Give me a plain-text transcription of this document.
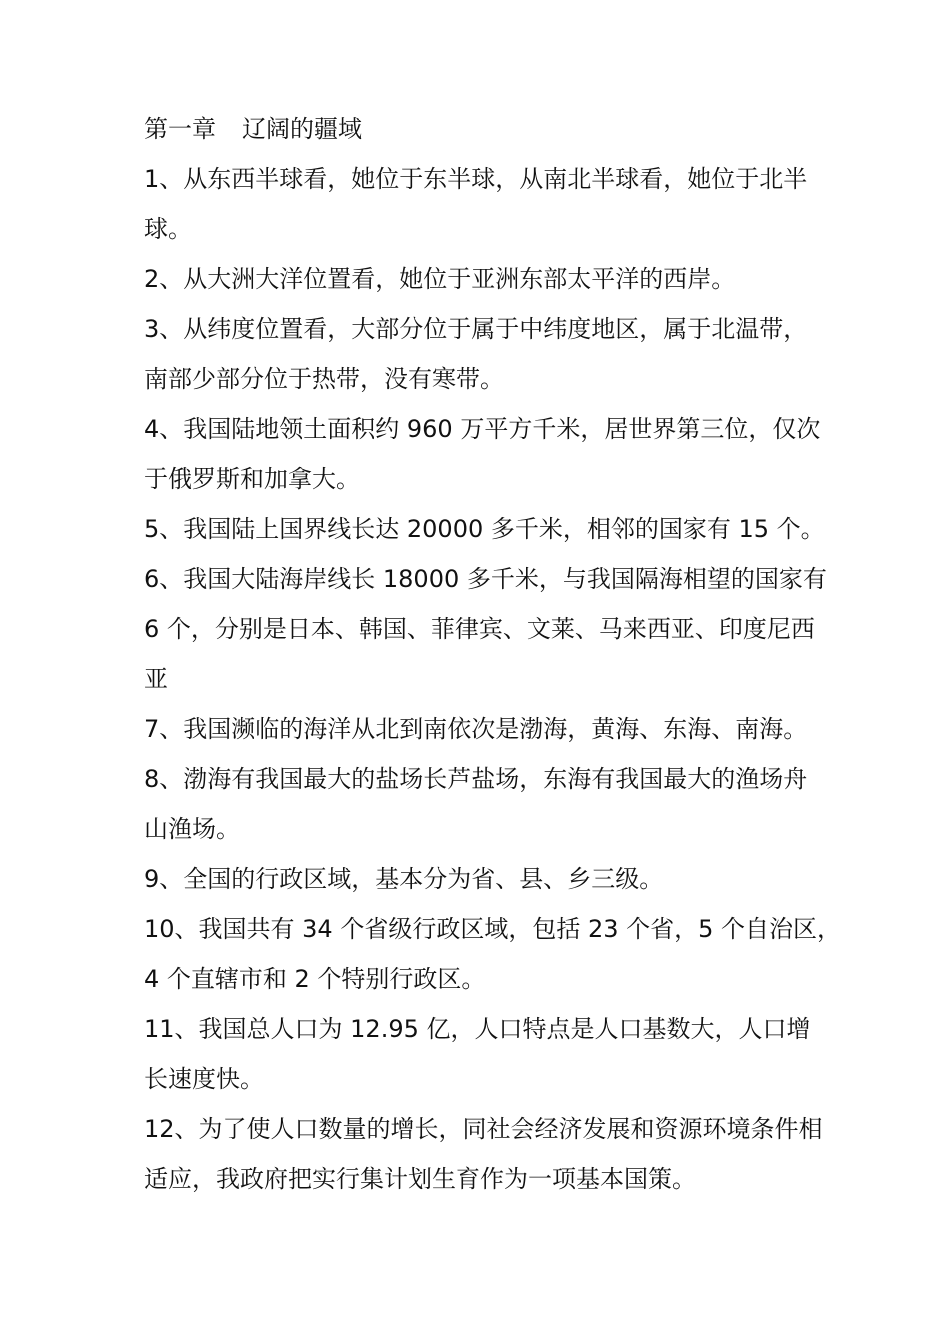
第一章 辽阔的疆域
1、从东西半球看，她位于东半球，从南北半球看，她位于北半
球。
2、从大洲大洋位置看，她位于亚洲东部太平洋的西岸。
3、从纬度位置看，大部分位于属于中纬度地区，属于北温带，
南部少部分位于热带，没有寒带。
4、我国陆地领土面积约 960 万平方千米，居世界第三位，仅次
于俄罗斯和加拿大。
5、我国陆上国界线长达 20000 多千米，相邻的国家有 15 个。
6、我国大陆海岸线长 18000 多千米，与我国隔海相望的国家有
6 个，分别是日本、韩国、菲律宾、文莱、马来西亚、印度尼西
亚
7、我国濒临的海洋从北到南依次是渤海，黄海、东海、南海。
8、渤海有我国最大的盐场长芦盐场，东海有我国最大的渔场舟
山渔场。
9、全国的行政区域，基本分为省、县、乡三级。
10、我国共有 34 个省级行政区域，包括 23 个省，5 个自治区，
4 个直辖市和 2 个特别行政区。
11、我国总人口为 12.95 亿，人口特点是人口基数大，人口增
长速度快。
12、为了使人口数量的增长，同社会经济发展和资源环境条件相
适应，我政府把实行集计划生育作为一项基本国策。
